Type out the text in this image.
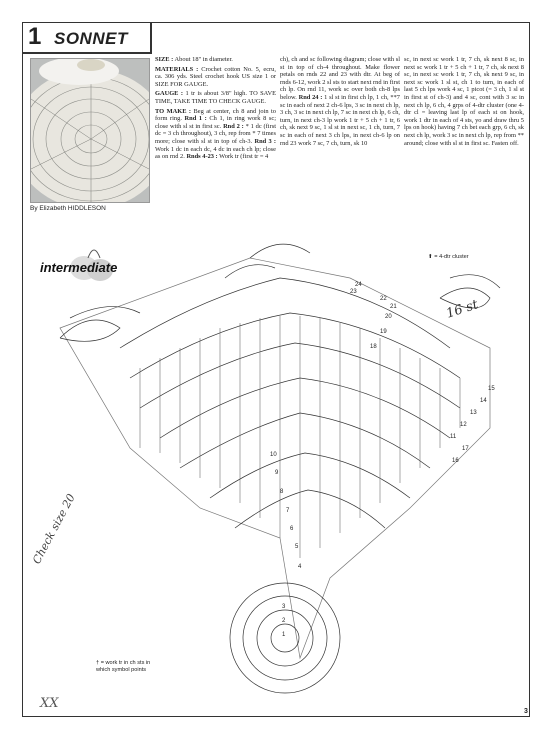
1 SONNET
By Elizabeth HIDDLESON

SIZE : About 18" in diameter.

MATERIALS : Crochet cotton No. 5, ecru, ca. 306 yds. Steel crochet hook US size 1 or SIZE FOR GAUGE.

GAUGE : 1 tr is about 3/8" high. TO SAVE TIME, TAKE TIME TO CHECK GAUGE.

TO MAKE : Beg at center, ch 8 and join to form ring. Rnd 1 : Ch 1, in ring work 8 sc; close with sl st in first sc. Rnd 2 : * 1 dc (first dc = 3 ch throughout), 3 ch, rep from * 7 times more; close with sl st in top of ch-3. Rnd 3 : Work 1 dc in each dc, 4 dc in each ch lp; close as on rnd 2. Rnds 4-23 : Work tr (first tr = 4

ch), ch and sc following diagram; close with sl st in top of ch-4 throughout. Make flower petals on rnds 22 and 23 with dtr. At beg of rnds 6-12, work 2 sl sts to start next rnd in first ch lp. On rnd 11, work sc over both ch-8 lps below. Rnd 24 : 1 sl st in first ch lp, 1 ch, **7 sc in each of next 2 ch-6 lps, 3 sc in next ch lp, 3 ch, 3 sc in next ch lp, 7 sc in next ch lp, 6 ch, turn, in next ch-3 lp work 1 tr + 5 ch + 1 tr, 6 ch, sk next 9 sc, 1 sl st in next sc, 1 ch, turn, 7 sc in each of next 3 ch lps, in next ch-6 lp on rnd 23 work 7 sc, 7 ch, turn, sk 10

sc, in next sc work 1 tr, 7 ch, sk next 8 sc, in next sc work 1 tr + 5 ch + 1 tr, 7 ch, sk next 8 sc, in next sc work 1 tr, 7 ch, sk next 9 sc, in next sc work 1 sl st, ch 1 to turn, in each of last 5 ch lps work 4 sc, 1 picot (= 3 ch, 1 sl st in first st of ch-3) and 4 sc, cont with 3 sc in next ch lp, 6 ch, 4 grps of 4-dtr cluster (one 4-dtr cl = leaving last lp of each st on hook, work 1 dtr in each of 4 sts, yo and draw thru 5 lps on hook) having 7 ch bet each grp, 6 ch, sk next ch lp, work 3 sc in next ch lp, rep from ** around; close with sl st in first sc. Fasten off.

intermediate
⬆ = 4-dtr cluster
† = work tr in ch sts in which symbol points
1
2
3
4
5
6
7
8
9
10
11
12
13
14
15
16
17
18
19
20
21
22
23
24
16 st
Check size 20
XX
3
